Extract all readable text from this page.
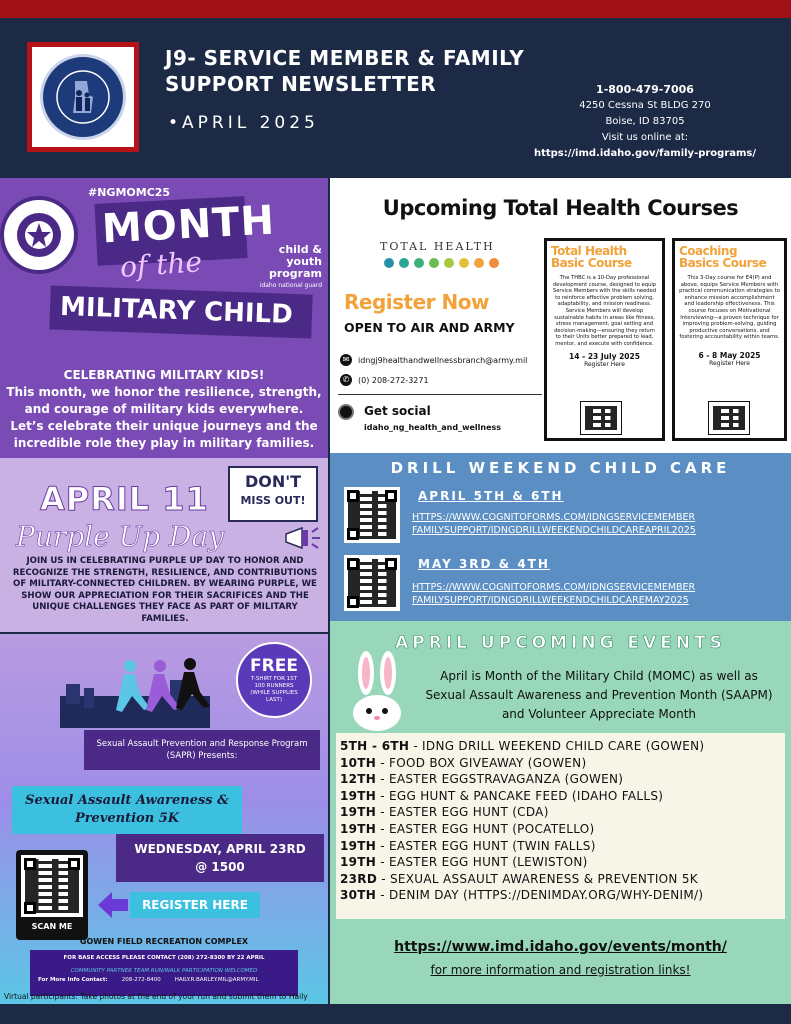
J9- SERVICE MEMBER & FAMILY SUPPORT NEWSLETTER
•APRIL 2025
1-800-479-7006
4250 Cessna St BLDG 270
Boise, ID 83705
Visit us online at:
https://imd.idaho.gov/family-programs/
#NGMOMC25
MONTH
of the
MILITARY CHILD
child & youth program
idaho national guard
CELEBRATING MILITARY KIDS!
This month, we honor the resilience, strength, and courage of military kids everywhere. Let’s celebrate their unique journeys and the incredible role they play in military families.
APRIL 11
Purple Up Day
DON'T
MISS OUT!
JOIN US IN CELEBRATING PURPLE UP DAY TO HONOR AND RECOGNIZE THE STRENGTH, RESILIENCE, AND CONTRIBUTIONS OF MILITARY-CONNECTED CHILDREN. BY WEARING PURPLE, WE SHOW OUR APPRECIATION FOR THEIR SACRIFICES AND THE UNIQUE CHALLENGES THEY FACE AS PART OF MILITARY FAMILIES.
FREE
T-SHIRT FOR 1ST 100 RUNNERS (WHILE SUPPLIES LAST)
Sexual Assault Prevention and Response Program (SAPR) Presents:
Sexual Assault Awareness & Prevention 5K
WEDNESDAY, APRIL 23RD
@ 1500
SCAN ME
REGISTER HERE
GOWEN FIELD RECREATION COMPLEX
FOR BASE ACCESS PLEASE CONTACT (208) 272-8300 BY 22 APRIL
COMMUNITY PARTNER TEAM RUN/WALK PARTICIPATION WELCOMED
For More Info Contact:	208-272-8400	HAILY.R.BARLEY.MIL@ARMY.MIL
Virtual participants: Take photos at the end of your run and submit them to Haily
Upcoming Total Health Courses
TOTAL HEALTH
Register Now
OPEN TO AIR AND ARMY
✉	idngj9healthandwellnessbranch@army.mil
✆	(0) 208-272-3271
Get social
idaho_ng_health_and_wellness
Total Health
Basic Course
The THBC is a 10-Day professional development course, designed to equip Service Members with the skills needed to reinforce effective problem solving, adaptability, and mission readiness. Service Members will develop sustainable habits in areas like fitness, stress management, goal setting and decision-making—ensuring they return to their Units better prepared to lead, mentor, and execute with confidence.
14 - 23 July 2025
Register Here
Coaching
Basics Course
This 3-Day course for E4(P) and above, equips Service Members with practical communication strategies to enhance mission accomplishment and leadership effectiveness. This course focuses on Motivational Interviewing—a proven technique for improving problem-solving, guiding productive conversations, and fostering accountability within teams.
6 - 8 May 2025
Register Here
DRILL WEEKEND CHILD CARE
APRIL 5TH & 6TH
HTTPS://WWW.COGNITOFORMS.COM/IDNGSERVICEMEMBER
FAMILYSUPPORT/IDNGDRILLWEEKENDCHILDCAREAPRIL2025
MAY 3RD & 4TH
HTTPS://WWW.COGNITOFORMS.COM/IDNGSERVICEMEMBER
FAMILYSUPPORT/IDNGDRILLWEEKENDCHILDCAREMAY2025
APRIL UPCOMING EVENTS
April is Month of the Military Child (MOMC) as well as Sexual Assault Awareness and Prevention Month (SAAPM) and Volunteer Appreciate Month
5TH - 6TH - IDNG DRILL WEEKEND CHILD CARE (GOWEN)
10TH - FOOD BOX GIVEAWAY (GOWEN)
12TH - EASTER EGGSTRAVAGANZA (GOWEN)
19TH - EGG HUNT & PANCAKE FEED (IDAHO FALLS)
19TH - EASTER EGG HUNT (CDA)
19TH - EASTER EGG HUNT (POCATELLO)
19TH - EASTER EGG HUNT (TWIN FALLS)
19TH - EASTER EGG HUNT (LEWISTON)
23RD - SEXUAL ASSAULT AWARENESS & PREVENTION 5K
30TH - DENIM DAY (HTTPS://DENIMDAY.ORG/WHY-DENIM/)
https://www.imd.idaho.gov/events/month/
for more information and registration links!
